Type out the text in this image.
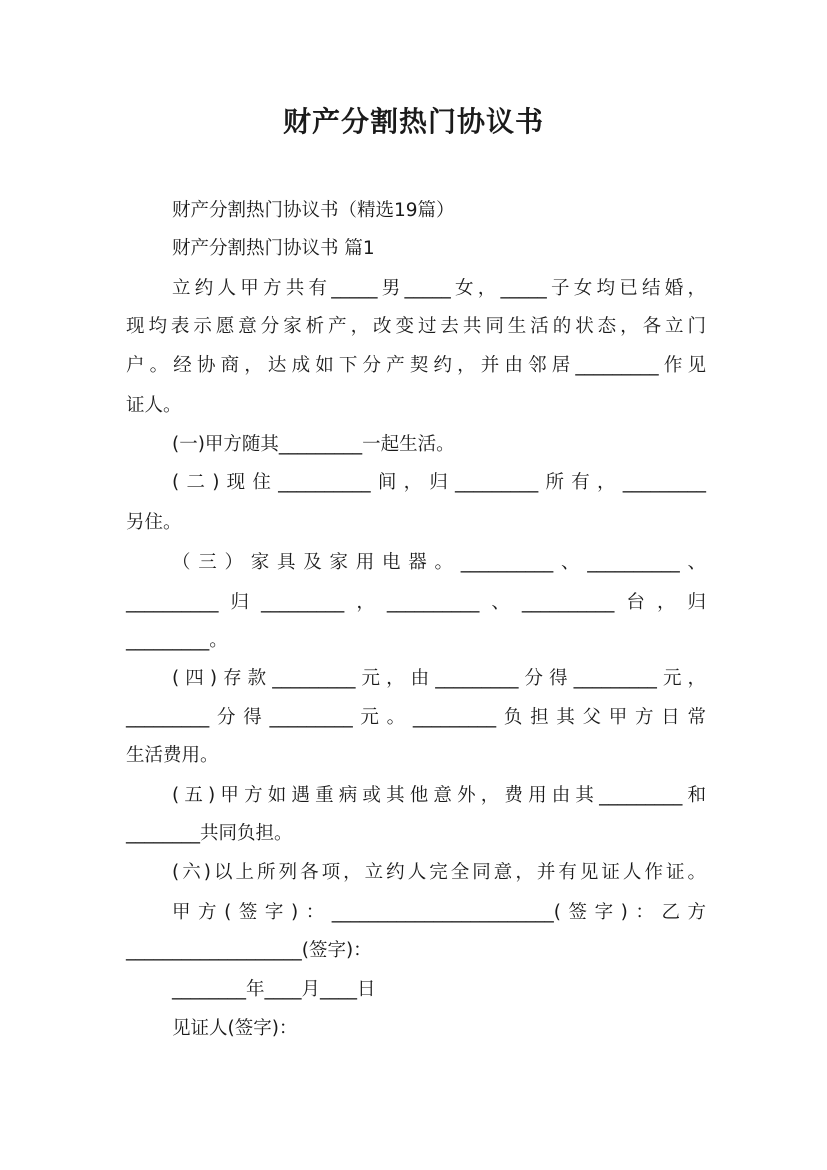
财产分割热门协议书
财产分割热门协议书（精选19篇）
财产分割热门协议书 篇1
立约人甲方共有_____男_____女，_____子女均已结婚，
现均表示愿意分家析产，改变过去共同生活的状态，各立门
户。经协商，达成如下分产契约，并由邻居_________作见
证人。
(一)甲方随其_________一起生活。
(二)现住__________间，归_________所有，_________
另住。
（三）家具及家用电器。__________、__________、
__________归_________，__________、__________台，归
_________。
(四)存款_________元，由_________分得_________元，
_________分得_________元。_________负担其父甲方日常
生活费用。
(五)甲方如遇重病或其他意外，费用由其_________和
________共同负担。
(六)以上所列各项，立约人完全同意，并有见证人作证。
甲方(签字)：________________________(签字)：乙方
___________________(签字)：
________年____月____日
见证人(签字)：
